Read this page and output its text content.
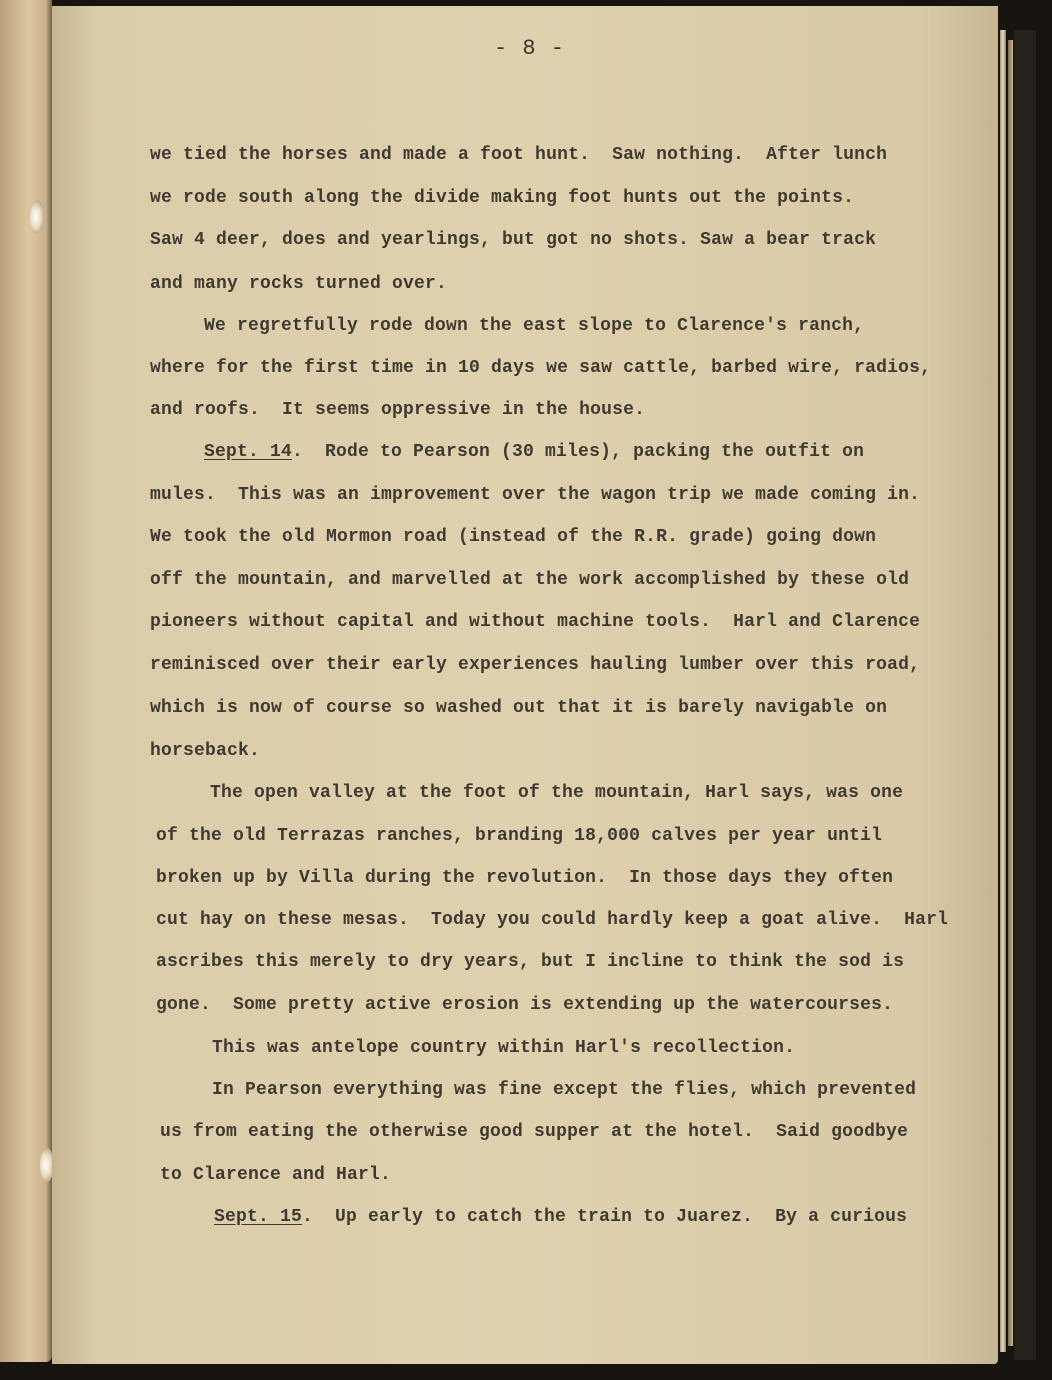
- 8 -
we tied the horses and made a foot hunt.  Saw nothing.  After lunch
we rode south along the divide making foot hunts out the points.
Saw 4 deer, does and yearlings, but got no shots. Saw a bear track
and many rocks turned over.
We regretfully rode down the east slope to Clarence's ranch,
where for the first time in 10 days we saw cattle, barbed wire, radios,
and roofs.  It seems oppressive in the house.
Sept. 14.  Rode to Pearson (30 miles), packing the outfit on
mules.  This was an improvement over the wagon trip we made coming in.
We took the old Mormon road (instead of the R.R. grade) going down
off the mountain, and marvelled at the work accomplished by these old
pioneers without capital and without machine tools.  Harl and Clarence
reminisced over their early experiences hauling lumber over this road,
which is now of course so washed out that it is barely navigable on
horseback.
The open valley at the foot of the mountain, Harl says, was one
of the old Terrazas ranches, branding 18,000 calves per year until
broken up by Villa during the revolution.  In those days they often
cut hay on these mesas.  Today you could hardly keep a goat alive.  Harl
ascribes this merely to dry years, but I incline to think the sod is
gone.  Some pretty active erosion is extending up the watercourses.
This was antelope country within Harl's recollection.
In Pearson everything was fine except the flies, which prevented
us from eating the otherwise good supper at the hotel.  Said goodbye
to Clarence and Harl.
Sept. 15.  Up early to catch the train to Juarez.  By a curious
